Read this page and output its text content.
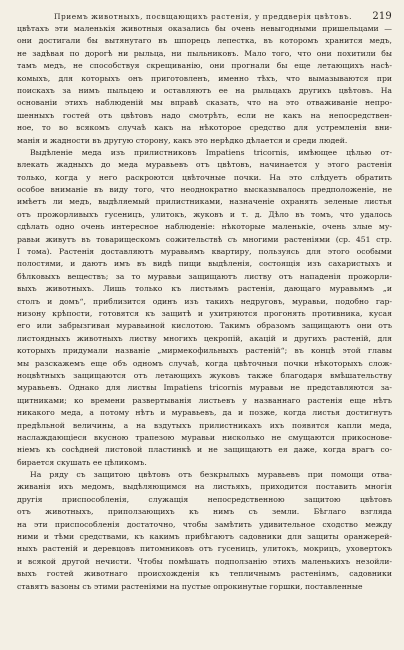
Приемъ животныхъ, посвщающихъ растенія, у преддверія цвѣтовъ. 219
цвѣтахъ эти маленькія животныя оказались бы очень невыгодными пришельцами —
они достигали бы вытянутаго въ шпорецъ лепестка, въ которомъ хранится медъ,
не задѣвая по дорогѣ ни рыльца, ни пыльниковъ. Мало того, что они похитили бы
тамъ медъ, не способствуя скрещиванію, они прогнали бы еще летающихъ насѣ-
комыхъ, для которыхъ онъ приготовленъ, именно тѣхъ, что вымазываются при
поискахъ за нимъ пыльцею и оставляютъ ее на рыльцахъ другихъ цвѣтовъ. На
основаніи этихъ наблюденій мы вправѣ сказать, что на это отваживаніе непро-
шенныхъ гостей отъ цвѣтовъ надо смотрѣть, если не какъ на непосредствен-
ное, то во всякомъ случаѣ какъ на нѣкоторое средство для устремленія вни-
манія и жадности въ другую сторону, какъ это нерѣдко дѣлается и среди людей.
Выдѣленіе меда изъ прилистниковъ Impatiens tricornis, имѣющее цѣлью от-
влекать жадныхъ до меда муравьевъ отъ цвѣтовъ, начинается у этого растенія
только, когда у него раскроются цвѣточные почки. На это слѣдуетъ обратить
особое вниманіе въ виду того, что неоднократно высказывалось предположеніе, не
имѣетъ ли медъ, выдѣляемый прилистниками, назначеніе охранять зеленые листья
отъ прожорливыхъ гусеницъ, улитокъ, жуковъ и т. д. Дѣло въ томъ, что удалось
сдѣлать одно очень интересное наблюденіе: нѣкоторые маленькіе, очень злые му-
равьи живутъ въ товарищескомъ сожительствѣ съ многими растеніями (ср. 451 стр.
I тома). Растенія доставляютъ муравьямъ квартиру, пользуясь для этого особыми
полостями, и даютъ имъ въ видѣ пищи выдѣленія, состоящія изъ сахаристыхъ и
бѣлковыхъ веществъ; за то муравьи защищаютъ листву отъ нападенія прожорли-
выхъ животныхъ. Лишь только къ листьямъ растенія, дающаго муравьямъ „и
столъ и домъ“, приблизится одинъ изъ такихъ недруговъ, муравьи, подобно гар-
низону крѣпости, готовятся къ защитѣ и ухитряются прогонять противника, кусая
его или забрызгивая муравьиной кислотою. Такимъ образомъ защищаютъ они отъ
листоядныхъ животныхъ листву многихъ цекропій, акацій и другихъ растеній, для
которыхъ придумали названіе „мирмекофильныхъ растеній“; въ концѣ этой главы
мы разскажемъ еще объ одномъ случаѣ, когда цвѣточныя почки нѣкоторыхъ слож-
ноцвѣтныхъ защищаются отъ летающихъ жуковъ также благодаря вмѣшательству
муравьевъ. Однако для листвы Impatiens tricornis муравьи не представляются за-
щитниками; ко времени развертыванія листьевъ у названнаго растенія еще нѣтъ
никакого меда, а потому нѣтъ и муравьевъ, да и позже, когда листья достигнутъ
предѣльной величины, а на вздутыхъ прилистникахъ ихъ появятся капли меда,
наслаждающіеся вкусною трапезою муравьи нисколько не смущаются прикоснове-
ніемъ къ сосѣдней листовой пластинкѣ и не защищаютъ ея даже, когда врагъ со-
бирается скушать ее цѣликомъ.
На ряду съ защитою цвѣтовъ отъ безкрылыхъ муравьевъ при помощи отва-
живанія ихъ медомъ, выдѣляющимся на листьяхъ, приходится поставить многія
другія приспособленія, служащія непосредственною защитою цвѣтовъ
отъ животныхъ, приползающихъ къ нимъ съ земли. Бѣглаго взгляда
на эти приспособленія достаточно, чтобы замѣтить удивительное сходство между
ними и тѣми средствами, къ какимъ прибѣгаютъ садовники для защиты оранжерей-
ныхъ растеній и деревцовъ питомниковъ отъ гусеницъ, улитокъ, мокрицъ, уховертокъ
и всякой другой нечисти. Чтобы помѣшать подползанію этихъ маленькихъ незойли-
выхъ гостей животнаго происхожденія къ тепличнымъ растеніямъ, садовники
ставятъ вазоны съ этими растеніями на пустые опрокинутые горшки, поставленные
